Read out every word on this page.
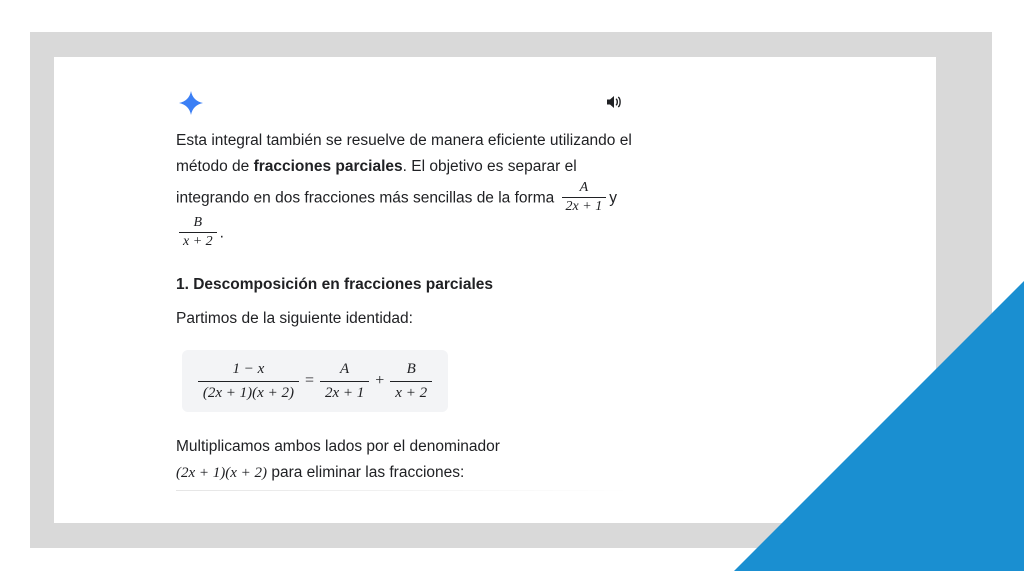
Esta integral también se resuelve de manera eficiente utilizando el método de fracciones parciales. El objetivo es separar el integrando en dos fracciones más sencillas de la forma $\frac{A}{2x + 1}$ y
$\frac{B}{x + 2}$ .

1. Descomposición en fracciones parciales
Partimos de la siguiente identidad:
$\frac{1 - x}{(2x + 1)(x + 2)} = \frac{A}{2x + 1} + \frac{B}{x + 2}$
Multiplicamos ambos lados por el denominador
(2x + 1)(x + 2) para eliminar las fracciones:
